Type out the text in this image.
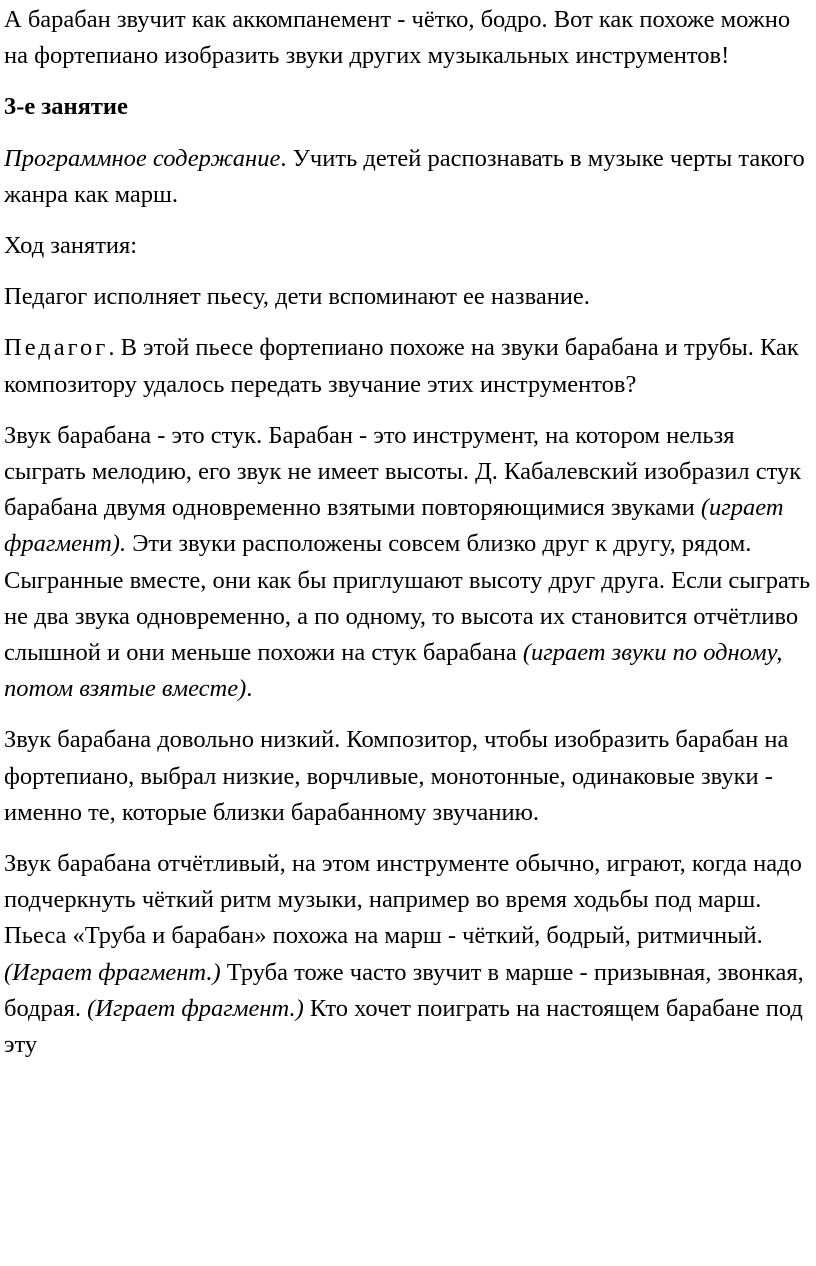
А барабан звучит как аккомпанемент - чётко, бодро. Вот как похоже можно на фортепиано изобразить звуки других музыкальных инструментов!

3-е занятие

Программное содержание. Учить детей распознавать в музыке черты такого жанра как марш.

Ход занятия:

Педагог исполняет пьесу, дети вспоминают ее название.

Педагог. В этой пьесе фортепиано похоже на звуки барабана и трубы. Как композитору удалось передать звучание этих инструментов?

Звук барабана - это стук. Барабан - это инструмент, на котором нельзя сыграть мелодию, его звук не имеет высоты. Д. Кабалевский изобразил стук барабана двумя одновременно взятыми повторяющимися звуками (играет фрагмент). Эти звуки расположены совсем близко друг к другу, рядом. Сыгранные вместе, они как бы приглушают высоту друг друга. Если сыграть не два звука одновременно, а по одному, то высота их становится отчётливо слышной и они меньше похожи на стук барабана (играет звуки по одному, потом взятые вместе).

Звук барабана довольно низкий. Композитор, чтобы изобразить барабан на фортепиано, выбрал низкие, ворчливые, монотонные, одинаковые звуки - именно те, которые близки барабанному звучанию.

Звук барабана отчётливый, на этом инструменте обычно, играют, когда надо подчеркнуть чёткий ритм музыки, например во время ходьбы под марш. Пьеса «Труба и барабан» похожа на марш - чёткий, бодрый, ритмичный. (Играет фрагмент.) Труба тоже часто звучит в марше - призывная, звонкая, бодрая. (Играет фрагмент.) Кто хочет поиграть на настоящем барабане под эту
